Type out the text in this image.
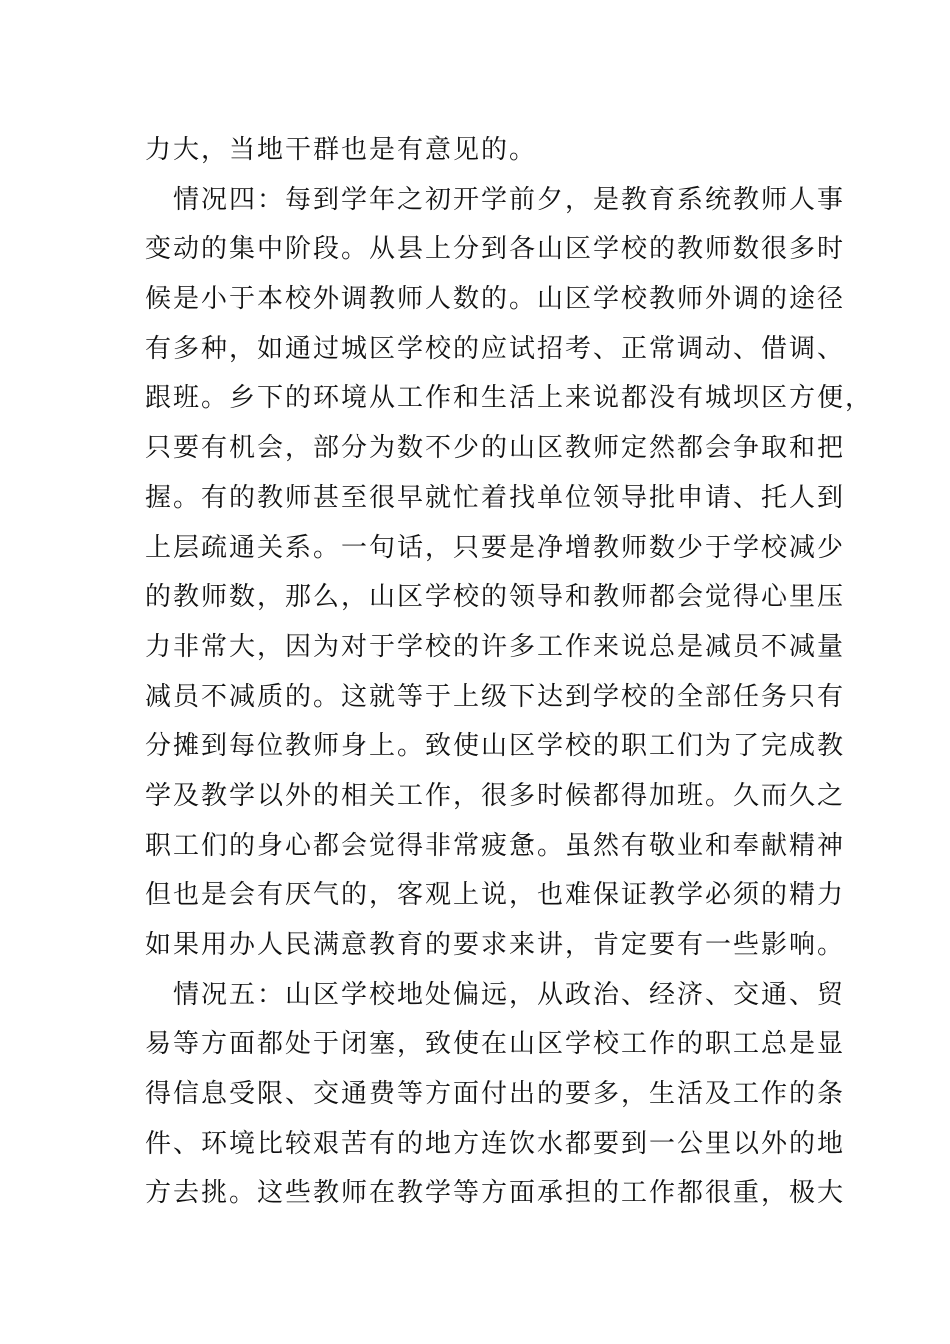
力大，当地干群也是有意见的。
　情况四：每到学年之初开学前夕，是教育系统教师人事
变动的集中阶段。从县上分到各山区学校的教师数很多时
候是小于本校外调教师人数的。山区学校教师外调的途径
有多种，如通过城区学校的应试招考、正常调动、借调、
跟班。乡下的环境从工作和生活上来说都没有城坝区方便，
只要有机会，部分为数不少的山区教师定然都会争取和把
握。有的教师甚至很早就忙着找单位领导批申请、托人到
上层疏通关系。一句话，只要是净增教师数少于学校减少
的教师数，那么，山区学校的领导和教师都会觉得心里压
力非常大，因为对于学校的许多工作来说总是减员不减量
减员不减质的。这就等于上级下达到学校的全部任务只有
分摊到每位教师身上。致使山区学校的职工们为了完成教
学及教学以外的相关工作，很多时候都得加班。久而久之
职工们的身心都会觉得非常疲惫。虽然有敬业和奉献精神
但也是会有厌气的，客观上说，也难保证教学必须的精力
如果用办人民满意教育的要求来讲，肯定要有一些影响。
　情况五：山区学校地处偏远，从政治、经济、交通、贸
易等方面都处于闭塞，致使在山区学校工作的职工总是显
得信息受限、交通费等方面付出的要多，生活及工作的条
件、环境比较艰苦有的地方连饮水都要到一公里以外的地
方去挑。这些教师在教学等方面承担的工作都很重，极大
